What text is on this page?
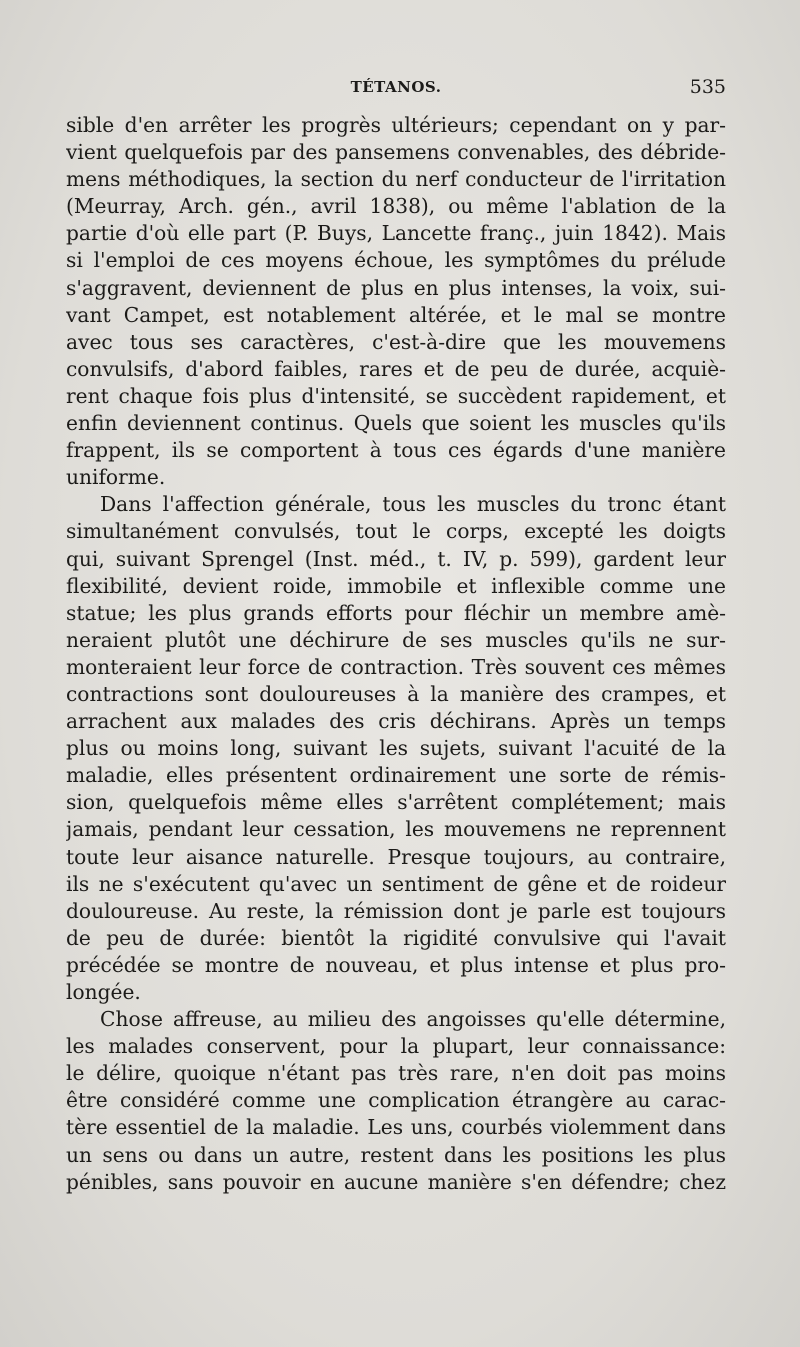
TÉTANOS.	535
sible d'en arrêter les progrès ultérieurs; cependant on y par-
vient quelquefois par des pansemens convenables, des débride-
mens méthodiques, la section du nerf conducteur de l'irritation
(Meurray, Arch. gén., avril 1838), ou même l'ablation de la
partie d'où elle part (P. Buys, Lancette franç., juin 1842). Mais
si l'emploi de ces moyens échoue, les symptômes du prélude
s'aggravent, deviennent de plus en plus intenses, la voix, sui-
vant Campet, est notablement altérée, et le mal se montre
avec tous ses caractères, c'est-à-dire que les mouvemens
convulsifs, d'abord faibles, rares et de peu de durée, acquiè-
rent chaque fois plus d'intensité, se succèdent rapidement, et
enfin deviennent continus. Quels que soient les muscles qu'ils
frappent, ils se comportent à tous ces égards d'une manière
uniforme.
Dans l'affection générale, tous les muscles du tronc étant
simultanément convulsés, tout le corps, excepté les doigts
qui, suivant Sprengel (Inst. méd., t. IV, p. 599), gardent leur
flexibilité, devient roide, immobile et inflexible comme une
statue; les plus grands efforts pour fléchir un membre amè-
neraient plutôt une déchirure de ses muscles qu'ils ne sur-
monteraient leur force de contraction. Très souvent ces mêmes
contractions sont douloureuses à la manière des crampes, et
arrachent aux malades des cris déchirans. Après un temps
plus ou moins long, suivant les sujets, suivant l'acuité de la
maladie, elles présentent ordinairement une sorte de rémis-
sion, quelquefois même elles s'arrêtent complétement; mais
jamais, pendant leur cessation, les mouvemens ne reprennent
toute leur aisance naturelle. Presque toujours, au contraire,
ils ne s'exécutent qu'avec un sentiment de gêne et de roideur
douloureuse. Au reste, la rémission dont je parle est toujours
de peu de durée: bientôt la rigidité convulsive qui l'avait
précédée se montre de nouveau, et plus intense et plus pro-
longée.
Chose affreuse, au milieu des angoisses qu'elle détermine,
les malades conservent, pour la plupart, leur connaissance:
le délire, quoique n'étant pas très rare, n'en doit pas moins
être considéré comme une complication étrangère au carac-
tère essentiel de la maladie. Les uns, courbés violemment dans
un sens ou dans un autre, restent dans les positions les plus
pénibles, sans pouvoir en aucune manière s'en défendre; chez
